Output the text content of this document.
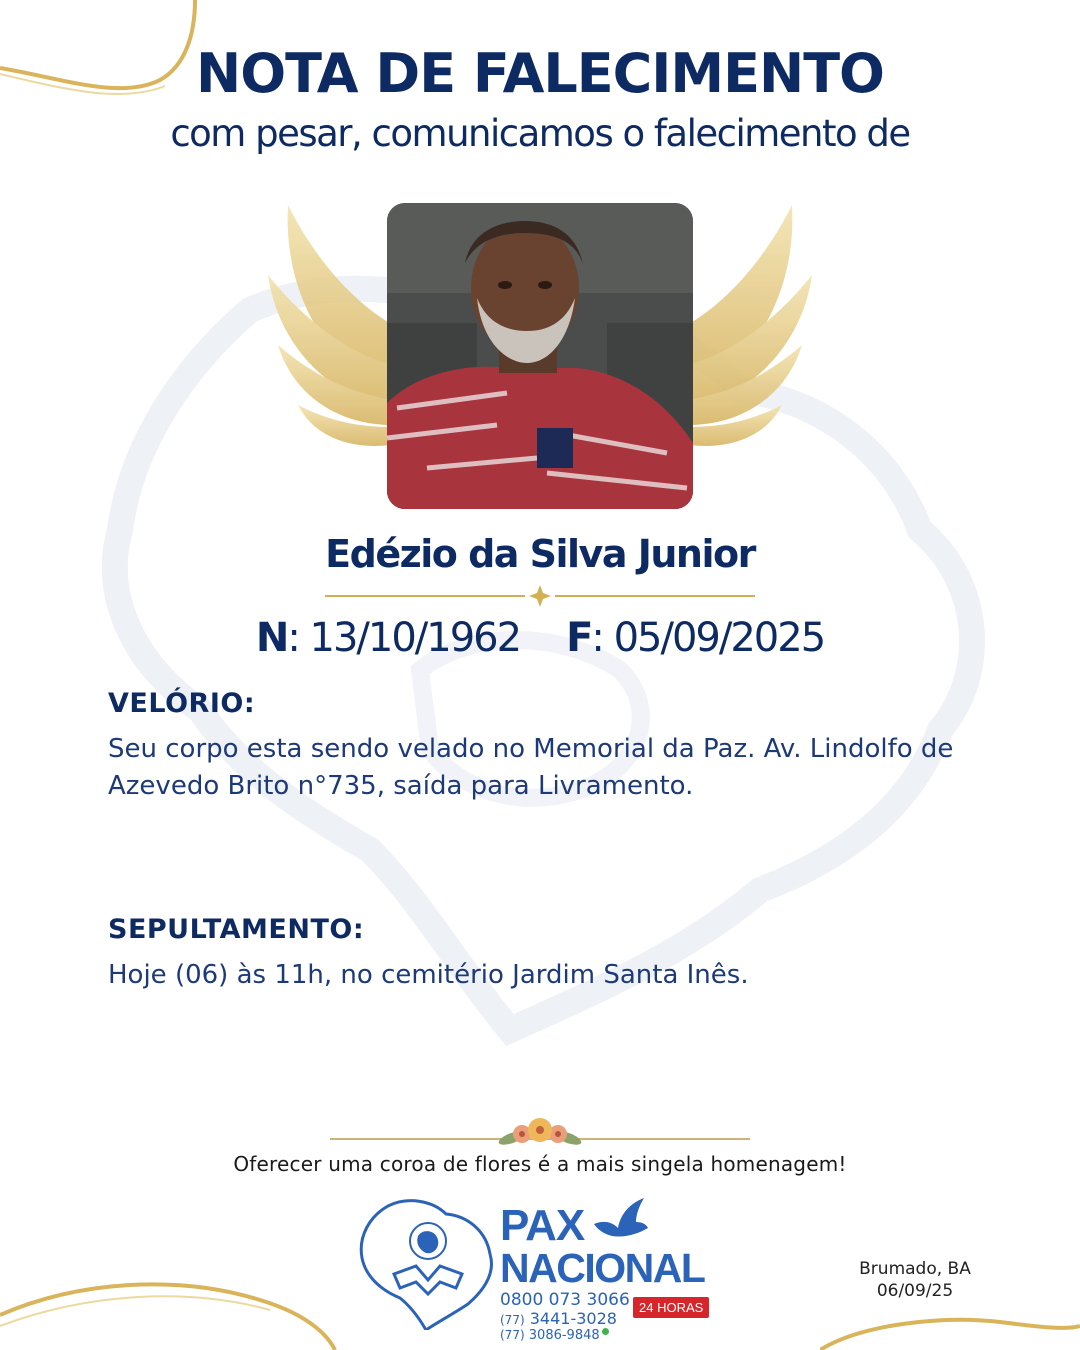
NOTA DE FALECIMENTO
com pesar, comunicamos o falecimento de
Edézio da Silva Junior
N: 13/10/1962 F: 05/09/2025
VELÓRIO:
Seu corpo esta sendo velado no Memorial da Paz. Av. Lindolfo de Azevedo Brito n°735, saída para Livramento.
SEPULTAMENTO:
Hoje (06) às 11h, no cemitério Jardim Santa Inês.
Oferecer uma coroa de flores é a mais singela homenagem!
PAX
NACIONAL
0800 073 3066 24 HORAS
(77) 3441-3028
(77) 3086-9848
Brumado, BA
06/09/25
